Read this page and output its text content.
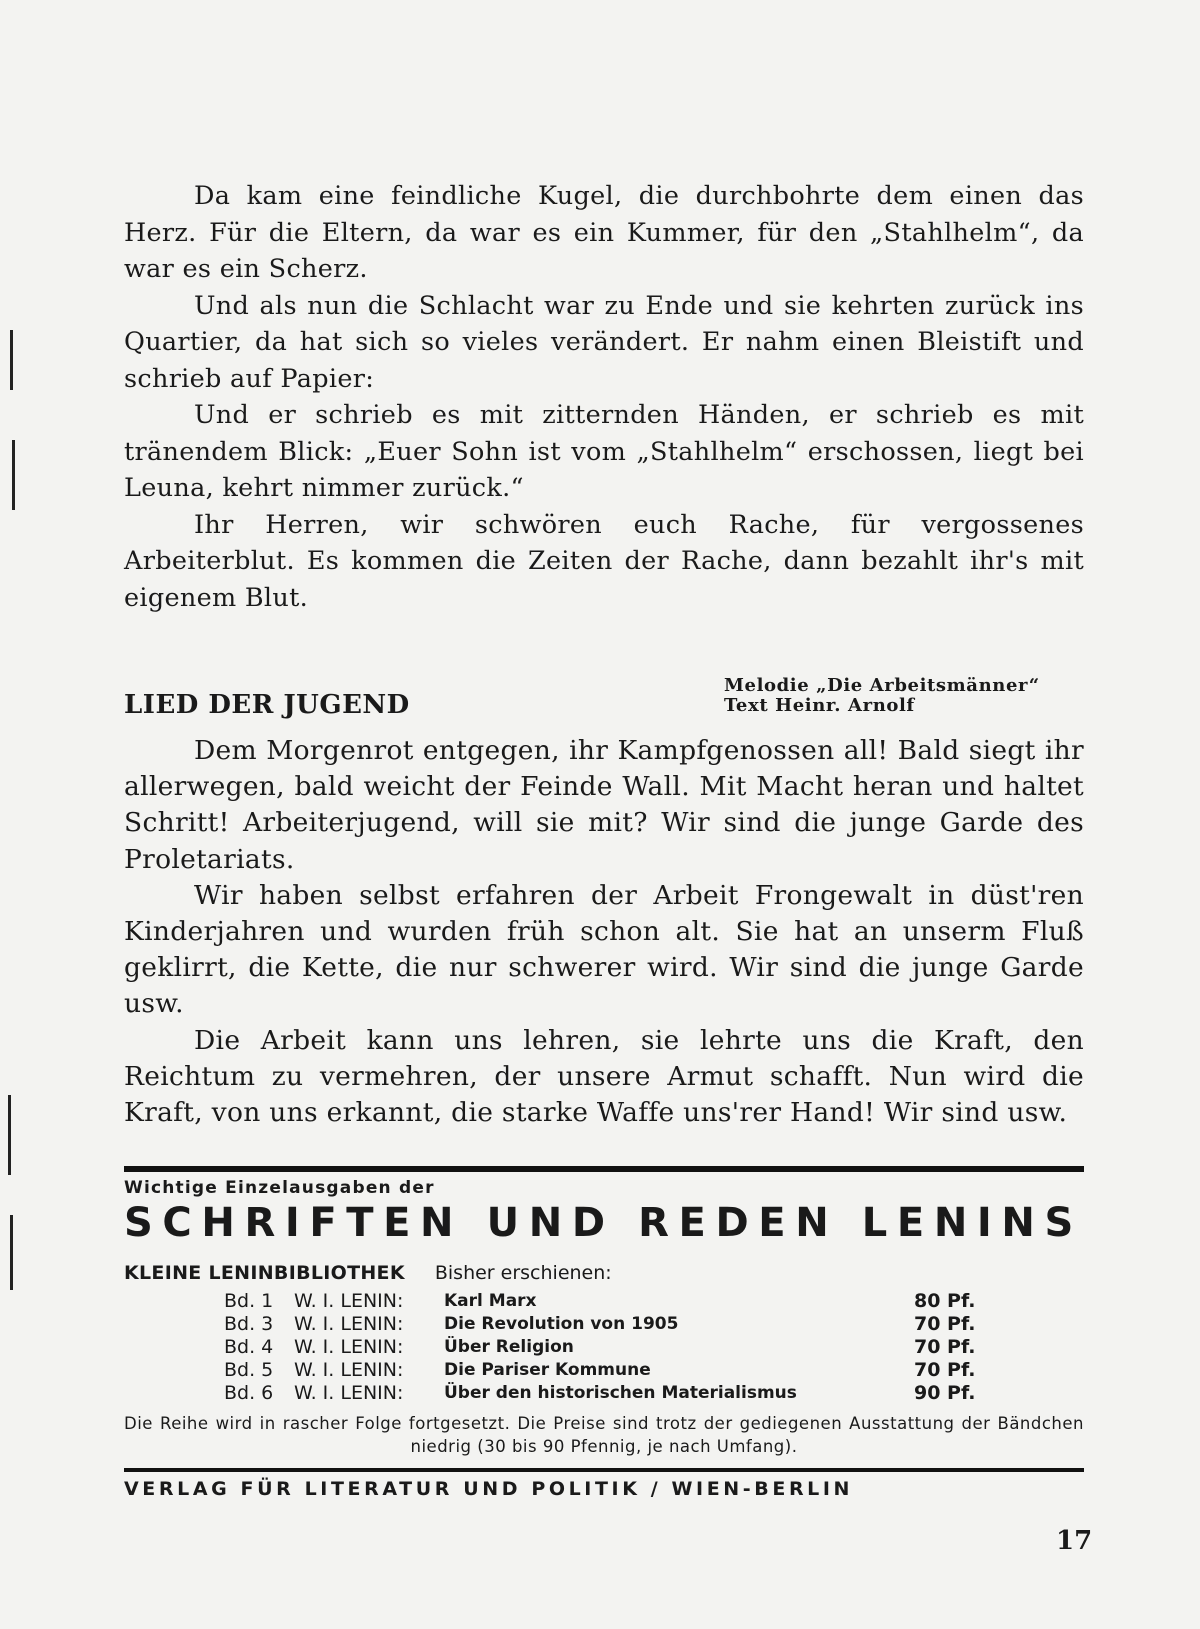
Da kam eine feindliche Kugel, die durchbohrte dem einen das Herz. Für die Eltern, da war es ein Kummer, für den „Stahlhelm“, da war es ein Scherz.

Und als nun die Schlacht war zu Ende und sie kehrten zurück ins Quartier, da hat sich so vieles verändert. Er nahm einen Bleistift und schrieb auf Papier:

Und er schrieb es mit zitternden Händen, er schrieb es mit tränendem Blick: „Euer Sohn ist vom „Stahlhelm“ erschossen, liegt bei Leuna, kehrt nimmer zurück.“

Ihr Herren, wir schwören euch Rache, für vergossenes Arbeiterblut. Es kommen die Zeiten der Rache, dann bezahlt ihr's mit eigenem Blut.

LIED DER JUGEND
Melodie „Die Arbeitsmänner“
Text Heinr. Arnolf

Dem Morgenrot entgegen, ihr Kampfgenossen all! Bald siegt ihr allerwegen, bald weicht der Feinde Wall. Mit Macht heran und haltet Schritt! Arbeiterjugend, will sie mit? Wir sind die junge Garde des Proletariats.

Wir haben selbst erfahren der Arbeit Frongewalt in düst'ren Kinderjahren und wurden früh schon alt. Sie hat an unserm Fluß geklirrt, die Kette, die nur schwerer wird. Wir sind die junge Garde usw.

Die Arbeit kann uns lehren, sie lehrte uns die Kraft, den Reichtum zu vermehren, der unsere Armut schafft. Nun wird die Kraft, von uns erkannt, die starke Waffe uns'rer Hand! Wir sind usw.

Wichtige Einzelausgaben der
SCHRIFTEN UND REDEN LENINS
KLEINE LENINBIBLIOTHEK Bisher erschienen:
Bd. 1 W. I. LENIN: Karl Marx	80 Pf.
Bd. 3 W. I. LENIN: Die Revolution von 1905	70 Pf.
Bd. 4 W. I. LENIN: Über Religion	70 Pf.
Bd. 5 W. I. LENIN: Die Pariser Kommune	70 Pf.
Bd. 6 W. I. LENIN: Über den historischen Materialismus	90 Pf.
Die Reihe wird in rascher Folge fortgesetzt. Die Preise sind trotz der gediegenen Ausstattung der Bändchen niedrig (30 bis 90 Pfennig, je nach Umfang).
VERLAG FÜR LITERATUR UND POLITIK / WIEN-BERLIN
17
